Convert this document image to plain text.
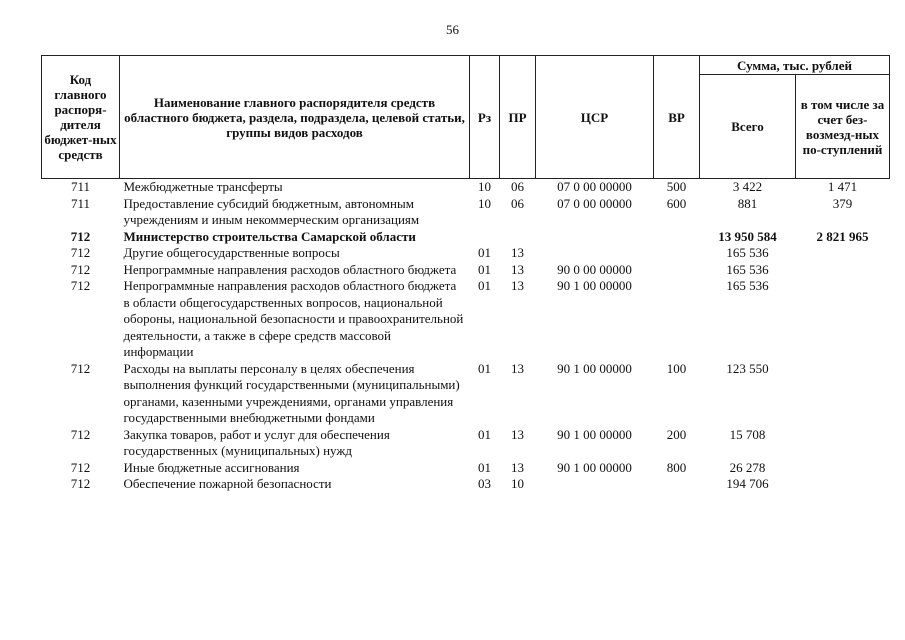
56
Код главного распоря-дителя бюджет-ных средств	Наименование главного распорядителя средств областного бюджета, раздела, подраздела, целевой статьи, группы видов расходов	Рз	ПР	ЦСР	ВР	Сумма, тыс. рублей	
						Всего	в том числе за счет без-возмезд-ных по-ступлений
711	Межбюджетные трансферты	10	06	07 0 00 00000	500	3 422	1 471
711	Предоставление субсидий бюджетным, автономным учреждениям и иным некоммерческим организациям	10	06	07 0 00 00000	600	881	379
712	Министерство строительства Самарской области					13 950 584	2 821 965
712	Другие общегосударственные вопросы	01	13			165 536	
712	Непрограммные направления расходов областного бюджета	01	13	90 0 00 00000		165 536	
712	Непрограммные направления расходов областного бюджета в области общегосударственных вопросов, национальной обороны, национальной безопасности и правоохранительной деятельности, а также в сфере средств массовой информации	01	13	90 1 00 00000		165 536	
712	Расходы на выплаты персоналу в целях обеспечения выполнения функций государственными (муниципальными) органами, казенными учреждениями, органами управления государственными внебюджетными фондами	01	13	90 1 00 00000	100	123 550	
712	Закупка товаров, работ и услуг для обеспечения государственных (муниципальных) нужд	01	13	90 1 00 00000	200	15 708	
712	Иные бюджетные ассигнования	01	13	90 1 00 00000	800	26 278	
712	Обеспечение пожарной безопасности	03	10			194 706	
